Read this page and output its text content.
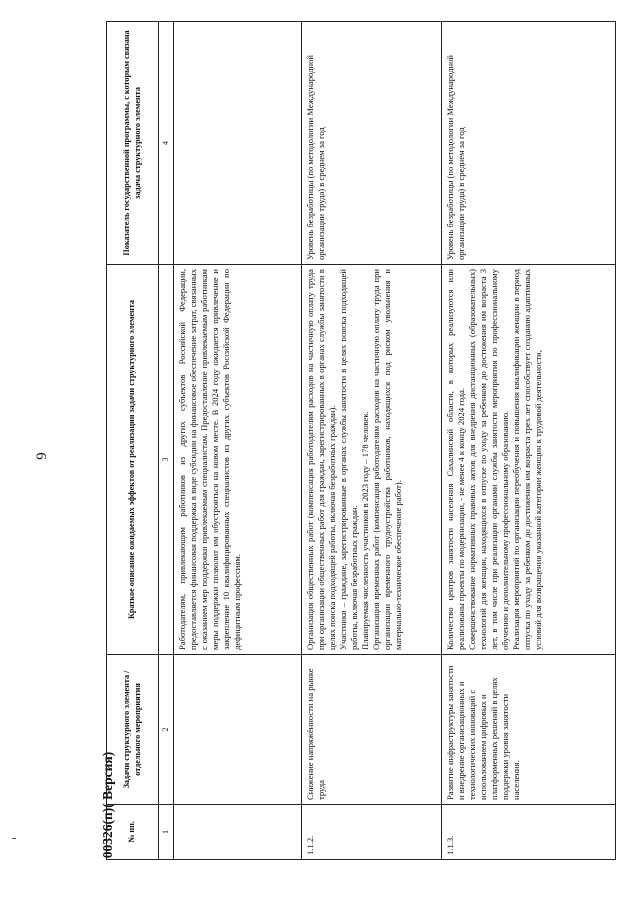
6
00326(п)( Версия) № пп.	Задачи структурного элемента / отдельного мероприятия	Краткое описание ожидаемых эффектов от реализации задачи структурного элемента	Показатель государственной программы, с которым связана задача структурного элемента
1	2	3	4
		Работодателям, привлекающим работников из других субъектов Российской Федерации, предоставляется финансовая поддержка в виде субсидии на финансовое обеспечение затрат, связанных с оказанием мер поддержки привлекаемым специалистам. Предоставление привлекаемым работникам меры поддержки позволит им обустроиться на новом месте. В 2024 году ожидается привлечение и закрепление 10 квалифицированных специалистов из других субъектов Российской Федерации по дефицитным профессиям.	
1.1.2.	Снижение напряжённости на рынке труда	Организация общественных работ (компенсация работодателям расходов на частичную оплату труда при организации общественных работ для граждан, зарегистрированных в органах службы занятости в целях поиска подходящей работы, включая безработных граждан).
Участники – граждане, зарегистрированные в органах службы занятости в целях поиска подходящей работы, включая безработных граждан.
Планируемая численность участников в 2023 году – 178 человек.
Организация временных работ (компенсация работодателям расходов на частичную оплату труда при организации временного трудоустройства работников, находящихся под риском увольнения и материально-техническое обеспечение работ).	Уровень безработицы (по методологии Международной организации труда) в среднем за год
1.1.3.	Развитие инфраструктуры занятости и внедрение организационных и технологических инноваций с использованием цифровых и платформенных решений в целях поддержки уровня занятости населения.	Количество центров занятости населения Сахалинской области, в которых реализуются или реализованы проекты по модернизации, - не менее 4 к концу 2024 года.
Совершенствование нормативных правовых актов для внедрения дистанционных (образовательных) технологий для женщин, находящихся в отпуске по уходу за ребенком до достижения им возраста 3 лет, в том числе при реализации органами службы занятости мероприятия по профессиональному обучению и дополнительному профессиональному образованию.
Реализация мероприятий по организации переобучения и повышения квалификации женщин в период отпуска по уходу за ребенком до достижения им возраста трех лет способствует созданию адаптивных условий для возвращения указанной категории женщин к трудовой деятельности,	Уровень безработицы (по методологии Международной организации труда) в среднем за год
